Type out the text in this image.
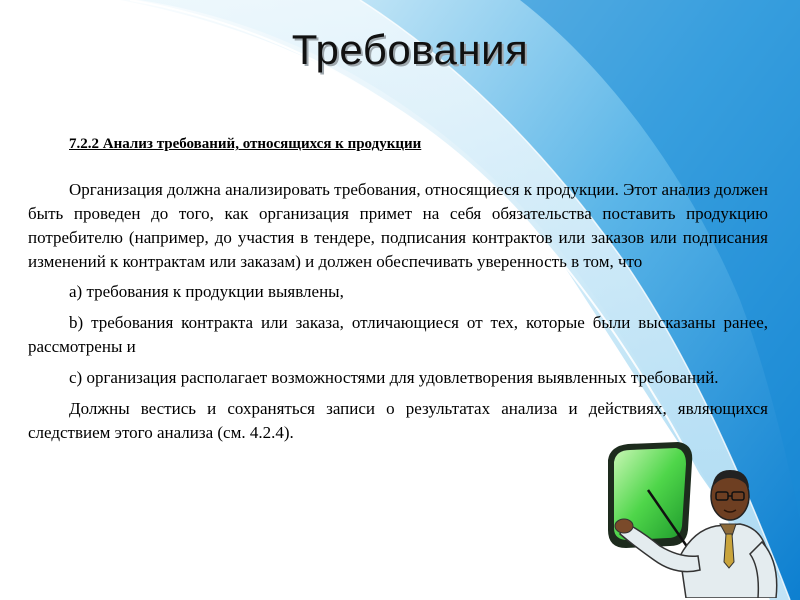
Требования

7.2.2 Анализ требований, относящихся к продукции

Организация должна анализировать требования, относящиеся к продукции. Этот анализ должен быть проведен до того, как организация примет на себя обязательства поставить продукцию потребителю (например, до участия в тендере, подписания контрактов или заказов или подписания изменений к контрактам или заказам) и должен обеспечивать уверенность в том, что

а) требования к продукции выявлены,

b) требования контракта или заказа, отличающиеся от тех, которые были высказаны ранее, рассмотрены и

с) организация располагает возможностями для удовлетворения выявленных требований.

Должны вестись и сохраняться записи о результатах анализа и действиях, являющихся следствием этого анализа (см. 4.2.4).
